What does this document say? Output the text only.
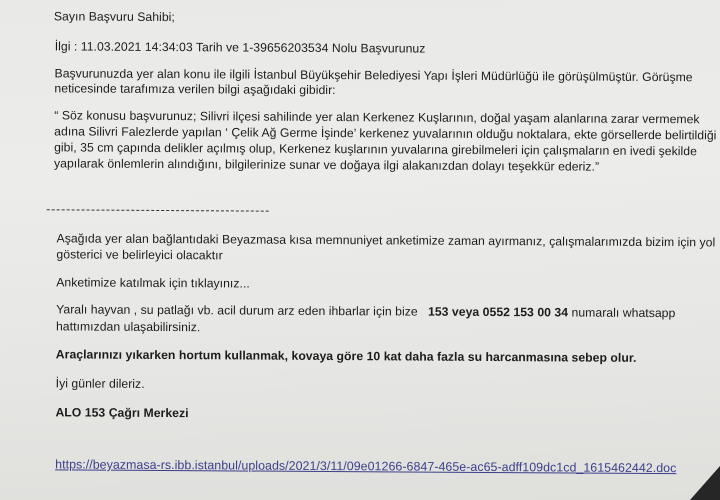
Sayın Başvuru Sahibi;
İlgi : 11.03.2021 14:34:03 Tarih ve 1-39656203534 Nolu Başvurunuz
Başvurunuzda yer alan konu ile ilgili İstanbul Büyükşehir Belediyesi Yapı İşleri Müdürlüğü ile görüşülmüştür. Görüşme
neticesinde tarafımıza verilen bilgi aşağıdaki gibidir:
“ Söz konusu başvurunuz; Silivri ilçesi sahilinde yer alan Kerkenez Kuşlarının, doğal yaşam alanlarına zarar vermemek
adına Silivri Falezlerde yapılan ‘ Çelik Ağ Germe İşinde’ kerkenez yuvalarının olduğu noktalara, ekte görsellerde belirtildiği
gibi, 35 cm çapında delikler açılmış olup, Kerkenez kuşlarının yuvalarına girebilmeleri için çalışmaların en ivedi şekilde
yapılarak önlemlerin alındığını, bilgilerinize sunar ve doğaya ilgi alakanızdan dolayı teşekkür ederiz.”
Aşağıda yer alan bağlantıdaki Beyazmasa kısa memnuniyet anketimize zaman ayırmanız, çalışmalarımızda bizim için yol
gösterici ve belirleyici olacaktır
Anketimize katılmak için tıklayınız...
Yaralı hayvan , su patlağı vb. acil durum arz eden ihbarlar için bize 153 veya 0552 153 00 34 numaralı whatsapp
hattımızdan ulaşabilirsiniz.
Araçlarınızı yıkarken hortum kullanmak, kovaya göre 10 kat daha fazla su harcanmasına sebep olur.
İyi günler dileriz.
ALO 153 Çağrı Merkezi
https://beyazmasa-rs.ibb.istanbul/uploads/2021/3/11/09e01266-6847-465e-ac65-adff109dc1cd_1615462442.doc
